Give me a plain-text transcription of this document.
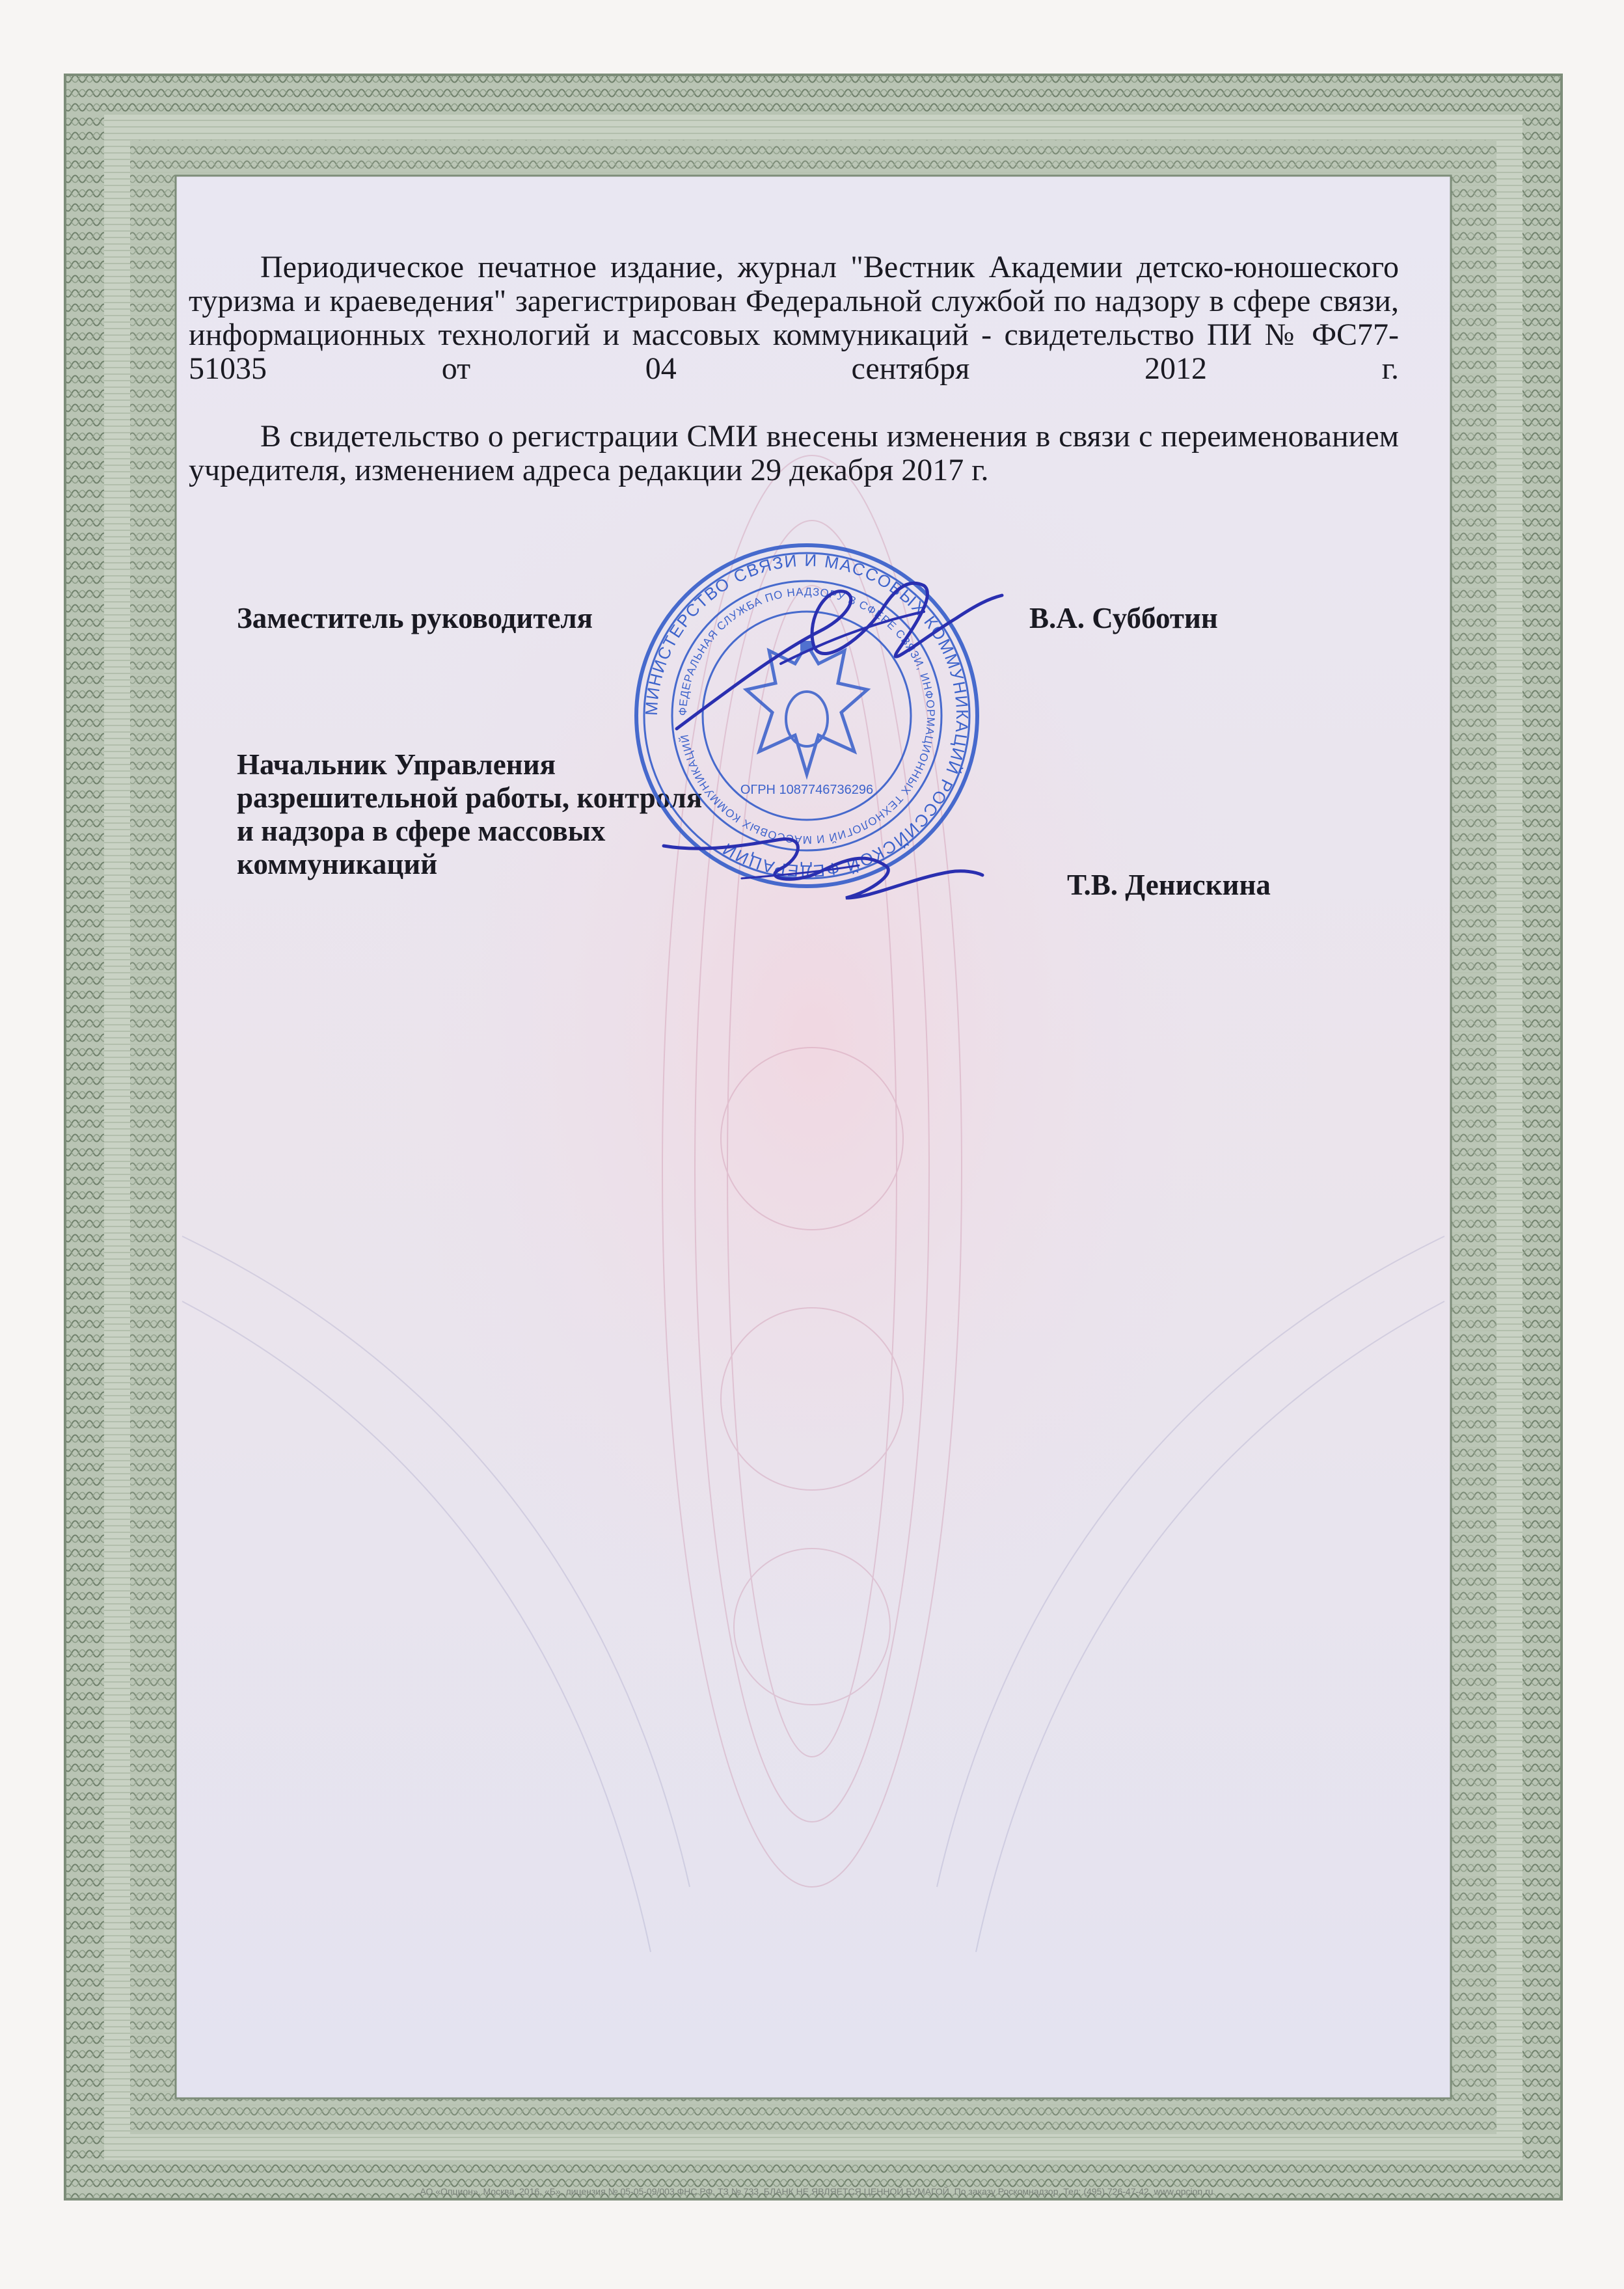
Периодическое печатное издание, журнал "Вестник Академии детско-юношеского туризма и краеведения" зарегистрирован Федеральной службой по надзору в сфере связи, информационных технологий и массовых коммуникаций - свидетельство ПИ № ФС77-51035 от 04 сентября 2012 г.

В свидетельство о регистрации СМИ внесены изменения в связи с переименованием учредителя, изменением адреса редакции 29 декабря 2017 г.

Заместитель руководителя	В.А. Субботин
Начальник Управления разрешительной работы, контроля и надзора в сфере массовых коммуникаций
Т.В. Денискина
МИНИСТЕРСТВО СВЯЗИ И МАССОВЫХ КОММУНИКАЦИЙ РОССИЙСКОЙ ФЕДЕРАЦИИ
ФЕДЕРАЛЬНАЯ СЛУЖБА ПО НАДЗОРУ В СФЕРЕ СВЯЗИ, ИНФОРМАЦИОННЫХ ТЕХНОЛОГИЙ И МАССОВЫХ КОММУНИКАЦИЙ
ОГРН 1087746736296
АО «Опцион», Москва, 2016, «Б», лицензия № 05-05-09/003 ФНС РФ, ТЗ № 733, БЛАНК НЕ ЯВЛЯЕТСЯ ЦЕННОЙ БУМАГОЙ. По заказу Роскомнадзор. Тел: (495) 726-47-42, www.opcion.ru
